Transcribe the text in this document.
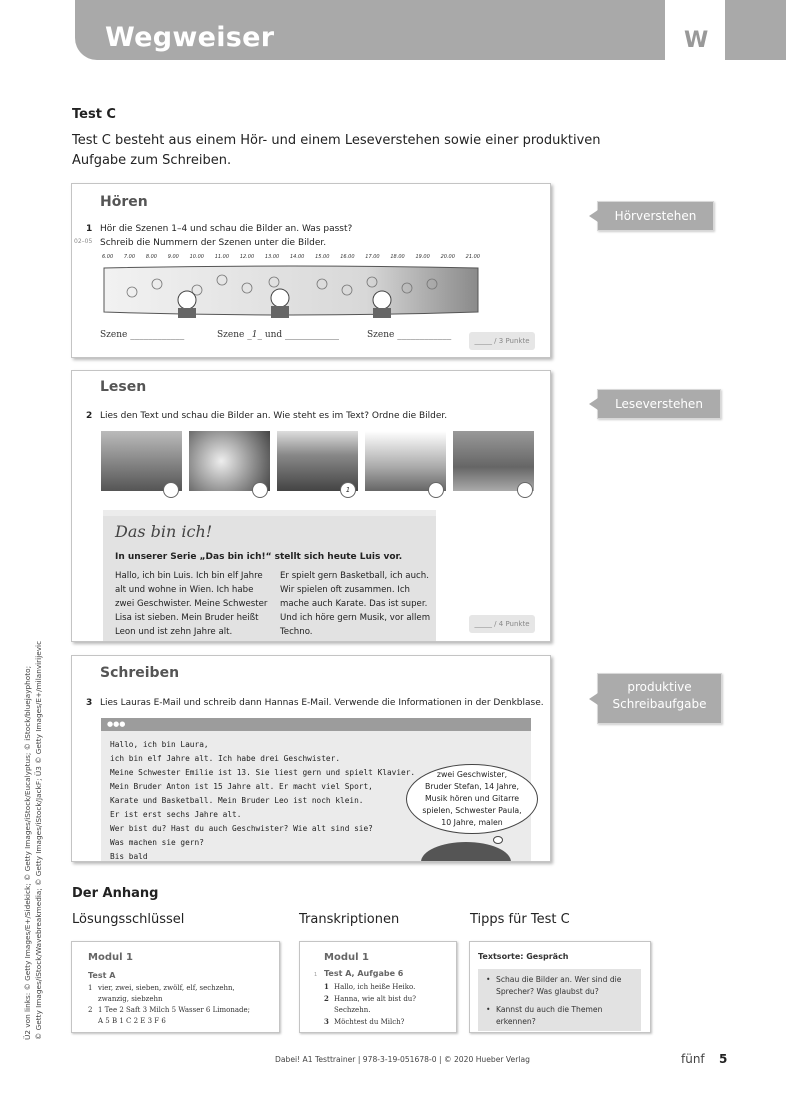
Wegweiser	W
Test C
Test C besteht aus einem Hör- und einem Leseverstehen sowie einer produktiven Aufgabe zum Schreiben.
Hören
1 Hör die Szenen 1–4 und schau die Bilder an. Was passt?
Schreib die Nummern der Szenen unter die Bilder.
02–05
6.00 7.00 8.00 9.00 10.00 11.00 12.00 13.00 14.00 15.00 16.00 17.00 18.00 19.00 20.00 21.00
Szene ____________	Szene _1_ und ____________	Szene ____________
_____ / 3 Punkte
Hörverstehen
Lesen
2 Lies den Text und schau die Bilder an. Wie steht es im Text? Ordne die Bilder.
1
Das bin ich!
In unserer Serie „Das bin ich!“ stellt sich heute Luis vor.
Hallo, ich bin Luis. Ich bin elf Jahre
alt und wohne in Wien. Ich habe
zwei Geschwister. Meine Schwester
Lisa ist sieben. Mein Bruder heißt
Leon und ist zehn Jahre alt.
Er spielt gern Basketball, ich auch.
Wir spielen oft zusammen. Ich
mache auch Karate. Das ist super.
Und ich höre gern Musik, vor allem
Techno.
_____ / 4 Punkte
Leseverstehen
Schreiben
3 Lies Lauras E-Mail und schreib dann Hannas E-Mail. Verwende die Informationen in der Denkblase.
●●●
Hallo, ich bin Laura,
ich bin elf Jahre alt. Ich habe drei Geschwister.
Meine Schwester Emilie ist 13. Sie liest gern und spielt Klavier.
Mein Bruder Anton ist 15 Jahre alt. Er macht viel Sport,
Karate und Basketball. Mein Bruder Leo ist noch klein.
Er ist erst sechs Jahre alt.
Wer bist du? Hast du auch Geschwister? Wie alt sind sie?
Was machen sie gern?
Bis bald
zwei Geschwister,
Bruder Stefan, 14 Jahre,
Musik hören und Gitarre
spielen, Schwester Paula,
10 Jahre, malen
produktive
Schreibaufgabe
Der Anhang
Lösungsschlüssel	Transkriptionen	Tipps für Test C
Modul 1
Test A
1 vier, zwei, sieben, zwölf, elf, sechzehn,
zwanzig, siebzehn
2 1 Tee 2 Saft 3 Milch 5 Wasser 6 Limonade;
A 5 B 1 C 2 E 3 F 6
Modul 1
1 Test A, Aufgabe 6
1 Hallo, ich heiße Heiko.
2 Hanna, wie alt bist du?
Sechzehn.
3 Möchtest du Milch?
Textsorte: Gespräch
• Schau die Bilder an. Wer sind die
Sprecher? Was glaubst du?
• Kannst du auch die Themen
erkennen?
Ü2 von links: © Getty Images/E+/Sidekick; © Getty Images/iStock/Eucalyptus; © iStock/bluejayphoto; © Getty Images/iStock/Wavebreakmedia; © Getty Images/iStock/JackF; Ü3 © Getty Images/E+/milanvirijevic
Dabei! A1 Testtrainer | 978-3-19-051678-0 | © 2020 Hueber Verlag	fünf 5
